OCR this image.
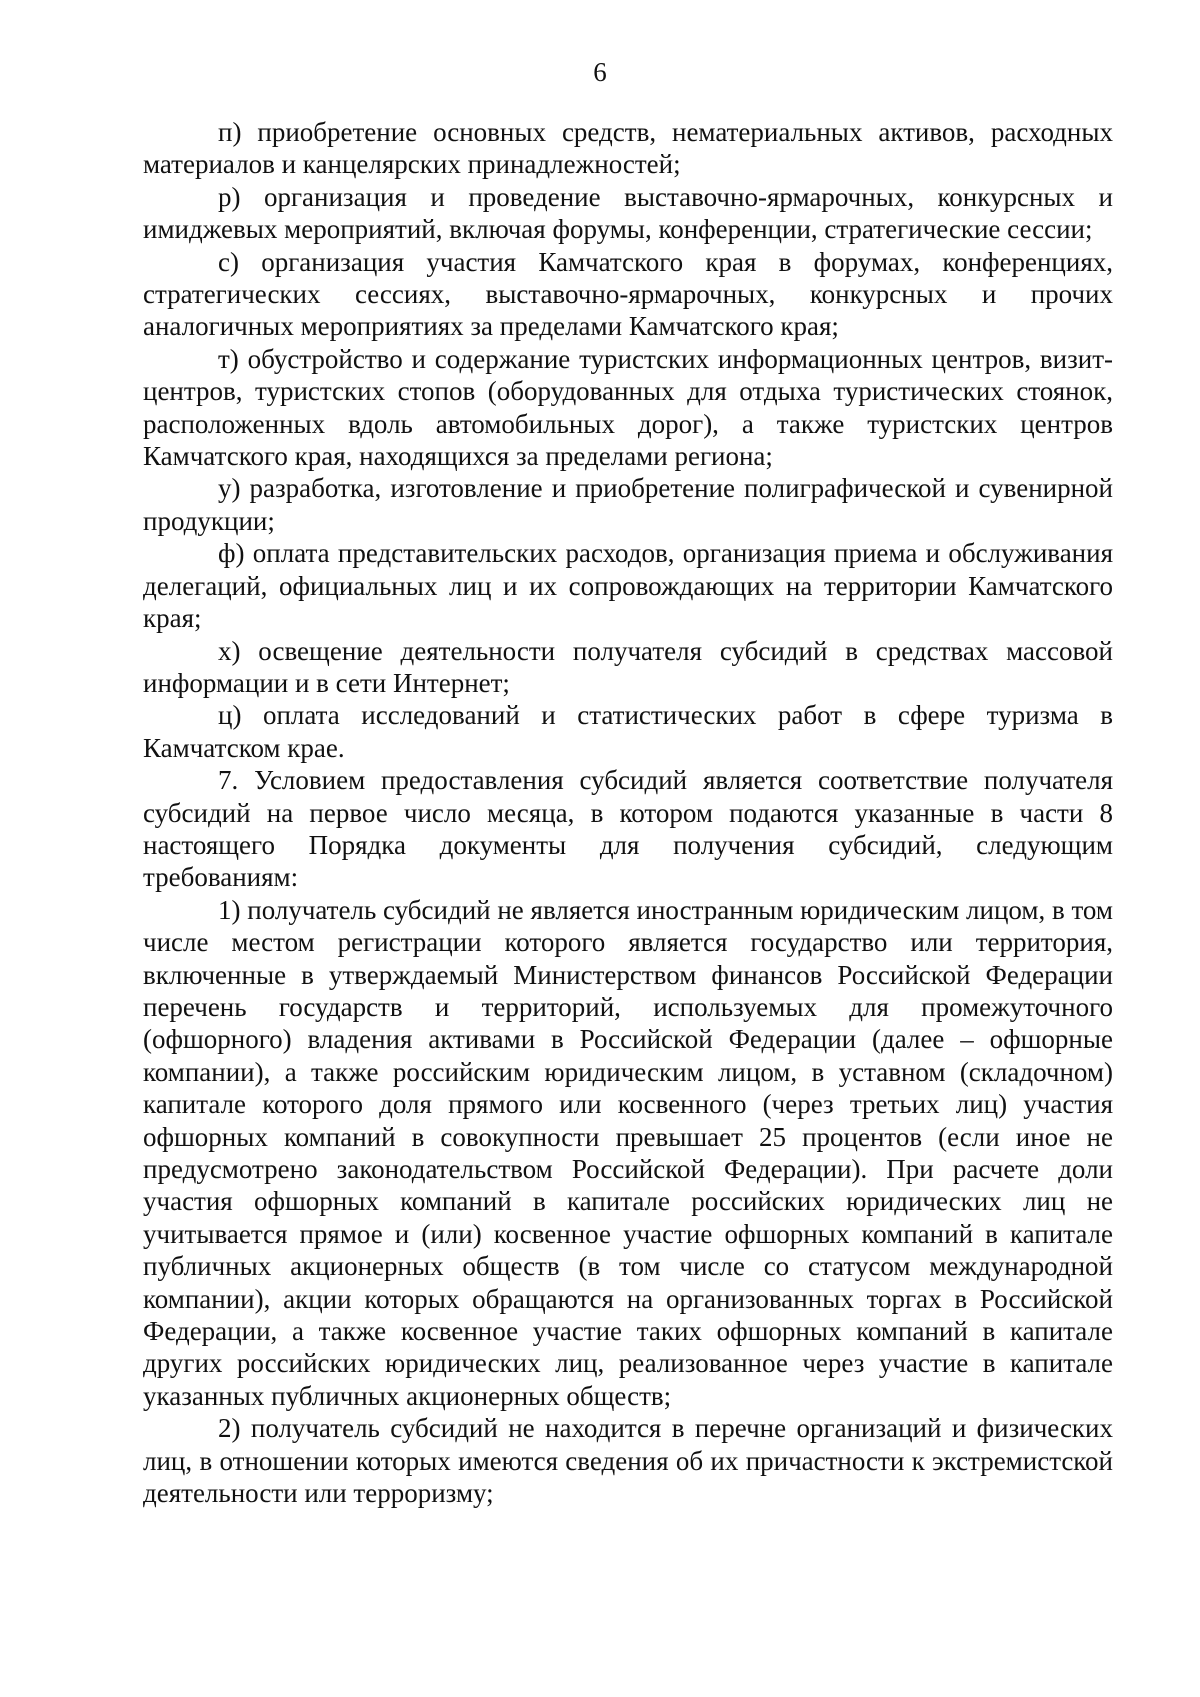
6

п) приобретение основных средств, нематериальных активов, расходных материалов и канцелярских принадлежностей;

р) организация и проведение выставочно-ярмарочных, конкурсных и имиджевых мероприятий, включая форумы, конференции, стратегические сессии;

с) организация участия Камчатского края в форумах, конференциях, стратегических сессиях, выставочно-ярмарочных, конкурсных и прочих аналогичных мероприятиях за пределами Камчатского края;

т) обустройство и содержание туристских информационных центров, визит-центров, туристских стопов (оборудованных для отдыха туристических стоянок, расположенных вдоль автомобильных дорог), а также туристских центров Камчатского края, находящихся за пределами региона;

у) разработка, изготовление и приобретение полиграфической и сувенирной продукции;

ф) оплата представительских расходов, организация приема и обслуживания делегаций, официальных лиц и их сопровождающих на территории Камчатского края;

х) освещение деятельности получателя субсидий в средствах массовой информации и в сети Интернет;

ц) оплата исследований и статистических работ в сфере туризма в Камчатском крае.

7. Условием предоставления субсидий является соответствие получателя субсидий на первое число месяца, в котором подаются указанные в части 8 настоящего Порядка документы для получения субсидий, следующим требованиям:

1) получатель субсидий не является иностранным юридическим лицом, в том числе местом регистрации которого является государство или территория, включенные в утверждаемый Министерством финансов Российской Федерации перечень государств и территорий, используемых для промежуточного (офшорного) владения активами в Российской Федерации (далее – офшорные компании), а также российским юридическим лицом, в уставном (складочном) капитале которого доля прямого или косвенного (через третьих лиц) участия офшорных компаний в совокупности превышает 25 процентов (если иное не предусмотрено законодательством Российской Федерации). При расчете доли участия офшорных компаний в капитале российских юридических лиц не учитывается прямое и (или) косвенное участие офшорных компаний в капитале публичных акционерных обществ (в том числе со статусом международной компании), акции которых обращаются на организованных торгах в Российской Федерации, а также косвенное участие таких офшорных компаний в капитале других российских юридических лиц, реализованное через участие в капитале указанных публичных акционерных обществ;

2) получатель субсидий не находится в перечне организаций и физических лиц, в отношении которых имеются сведения об их причастности к экстремистской деятельности или терроризму;
